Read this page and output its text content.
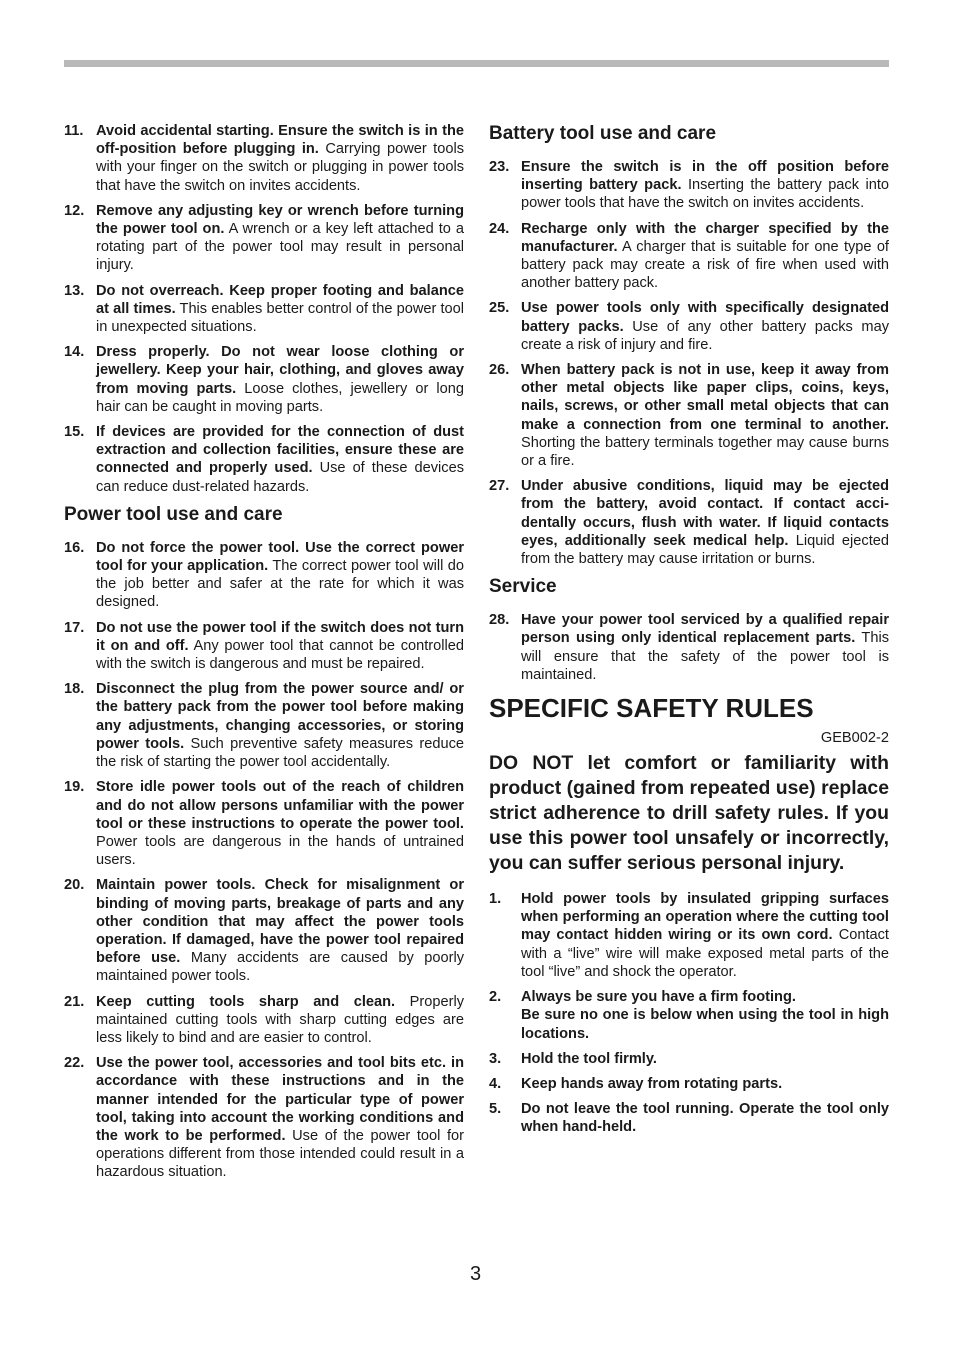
11. Avoid accidental starting. Ensure the switch is in the off-position before plugging in. Carrying power tools with your finger on the switch or plugging in power tools that have the switch on invites accidents.
12. Remove any adjusting key or wrench before turning the power tool on. A wrench or a key left attached to a rotating part of the power tool may result in personal injury.
13. Do not overreach. Keep proper footing and balance at all times. This enables better control of the power tool in unexpected situations.
14. Dress properly. Do not wear loose clothing or jewellery. Keep your hair, clothing, and gloves away from moving parts. Loose clothes, jewellery or long hair can be caught in moving parts.
15. If devices are provided for the connection of dust extraction and collection facilities, ensure these are connected and properly used. Use of these devices can reduce dust-related hazards.
Power tool use and care
16. Do not force the power tool. Use the correct power tool for your application. The correct power tool will do the job better and safer at the rate for which it was designed.
17. Do not use the power tool if the switch does not turn it on and off. Any power tool that cannot be controlled with the switch is dangerous and must be repaired.
18. Disconnect the plug from the power source and/ or the battery pack from the power tool before making any adjustments, changing accessories, or storing power tools. Such preventive safety measures reduce the risk of starting the power tool accidentally.
19. Store idle power tools out of the reach of children and do not allow persons unfamiliar with the power tool or these instructions to operate the power tool. Power tools are dangerous in the hands of untrained users.
20. Maintain power tools. Check for misalignment or binding of moving parts, breakage of parts and any other condition that may affect the power tools operation. If damaged, have the power tool repaired before use. Many accidents are caused by poorly maintained power tools.
21. Keep cutting tools sharp and clean. Properly maintained cutting tools with sharp cutting edges are less likely to bind and are easier to control.
22. Use the power tool, accessories and tool bits etc. in accordance with these instructions and in the manner intended for the particular type of power tool, taking into account the working conditions and the work to be performed. Use of the power tool for operations different from those intended could result in a hazardous situation.
Battery tool use and care
23. Ensure the switch is in the off position before inserting battery pack. Inserting the battery pack into power tools that have the switch on invites accidents.
24. Recharge only with the charger specified by the manufacturer. A charger that is suitable for one type of battery pack may create a risk of fire when used with another battery pack.
25. Use power tools only with specifically designated battery packs. Use of any other battery packs may create a risk of injury and fire.
26. When battery pack is not in use, keep it away from other metal objects like paper clips, coins, keys, nails, screws, or other small metal objects that can make a connection from one terminal to another. Shorting the battery terminals together may cause burns or a fire.
27. Under abusive conditions, liquid may be ejected from the battery, avoid contact. If contact accidentally occurs, flush with water. If liquid contacts eyes, additionally seek medical help. Liquid ejected from the battery may cause irritation or burns.
Service
28. Have your power tool serviced by a qualified repair person using only identical replacement parts. This will ensure that the safety of the power tool is maintained.
SPECIFIC SAFETY RULES
GEB002-2
DO NOT let comfort or familiarity with product (gained from repeated use) replace strict adherence to drill safety rules. If you use this power tool unsafely or incorrectly, you can suffer serious personal injury.
1.	Hold power tools by insulated gripping surfaces when performing an operation where the cutting tool may contact hidden wiring or its own cord. Contact with a “live” wire will make exposed metal parts of the tool “live” and shock the operator.
2.	Always be sure you have a firm footing.
Be sure no one is below when using the tool in high locations.
3.	Hold the tool firmly.
4.	Keep hands away from rotating parts.
5.	Do not leave the tool running. Operate the tool only when hand-held.
3
